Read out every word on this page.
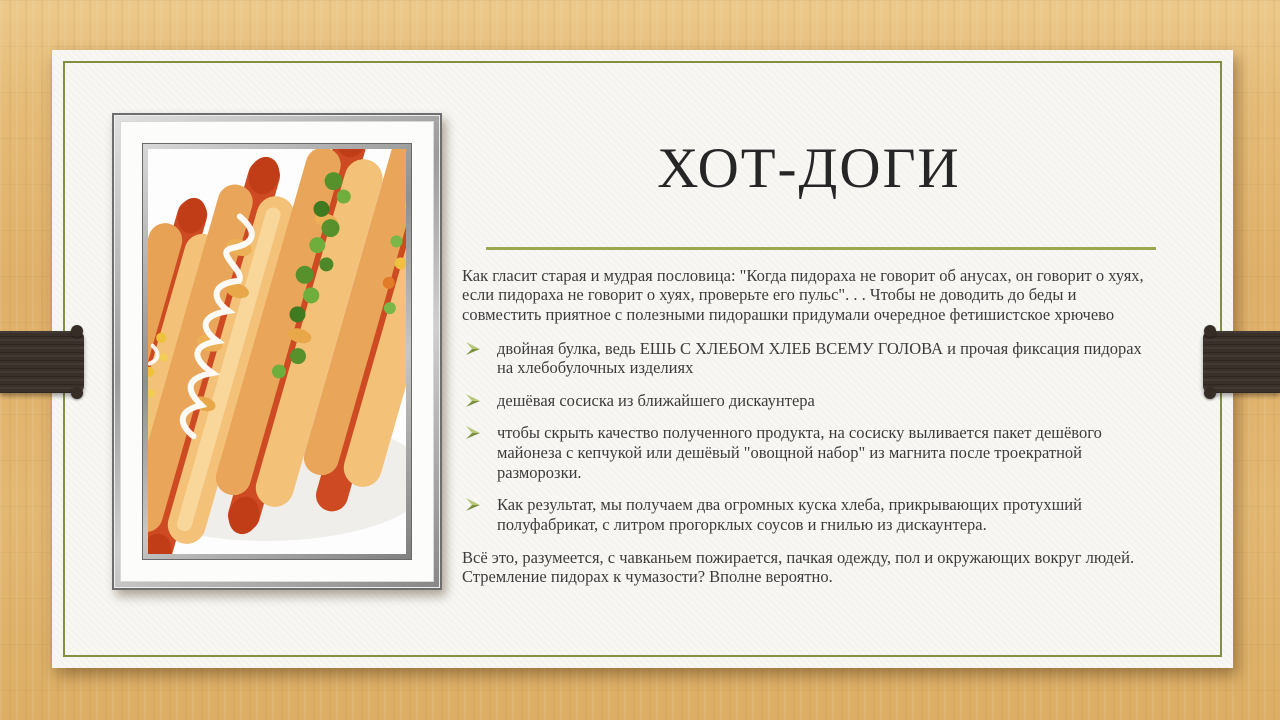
ХОТ-ДОГИ

Как гласит старая и мудрая пословица: "Когда пидораха не говорит об анусах, он говорит о хуях, если пидораха не говорит о хуях, проверьте его пульс". . . Чтобы не доводить до беды и совместить приятное с полезными пидорашки придумали очередное фетишистское хрючево

двойная булка, ведь ЕШЬ С ХЛЕБОМ ХЛЕБ ВСЕМУ ГОЛОВА и прочая фиксация пидорах на хлебобулочных изделиях
дешёвая сосиска из ближайшего дискаунтера
чтобы скрыть качество полученного продукта, на сосиску выливается пакет дешёвого майонеза с кепчукой или дешёвый "овощной набор" из магнита после троекратной разморозки.
Как результат, мы получаем два огромных куска хлеба, прикрывающих протухший полуфабрикат, с литром прогорклых соусов и гнилью из дискаунтера.

Всё это, разумеется, с чавканьем пожирается, пачкая одежду, пол и окружающих вокруг людей. Стремление пидорах к чумазости? Вполне вероятно.
